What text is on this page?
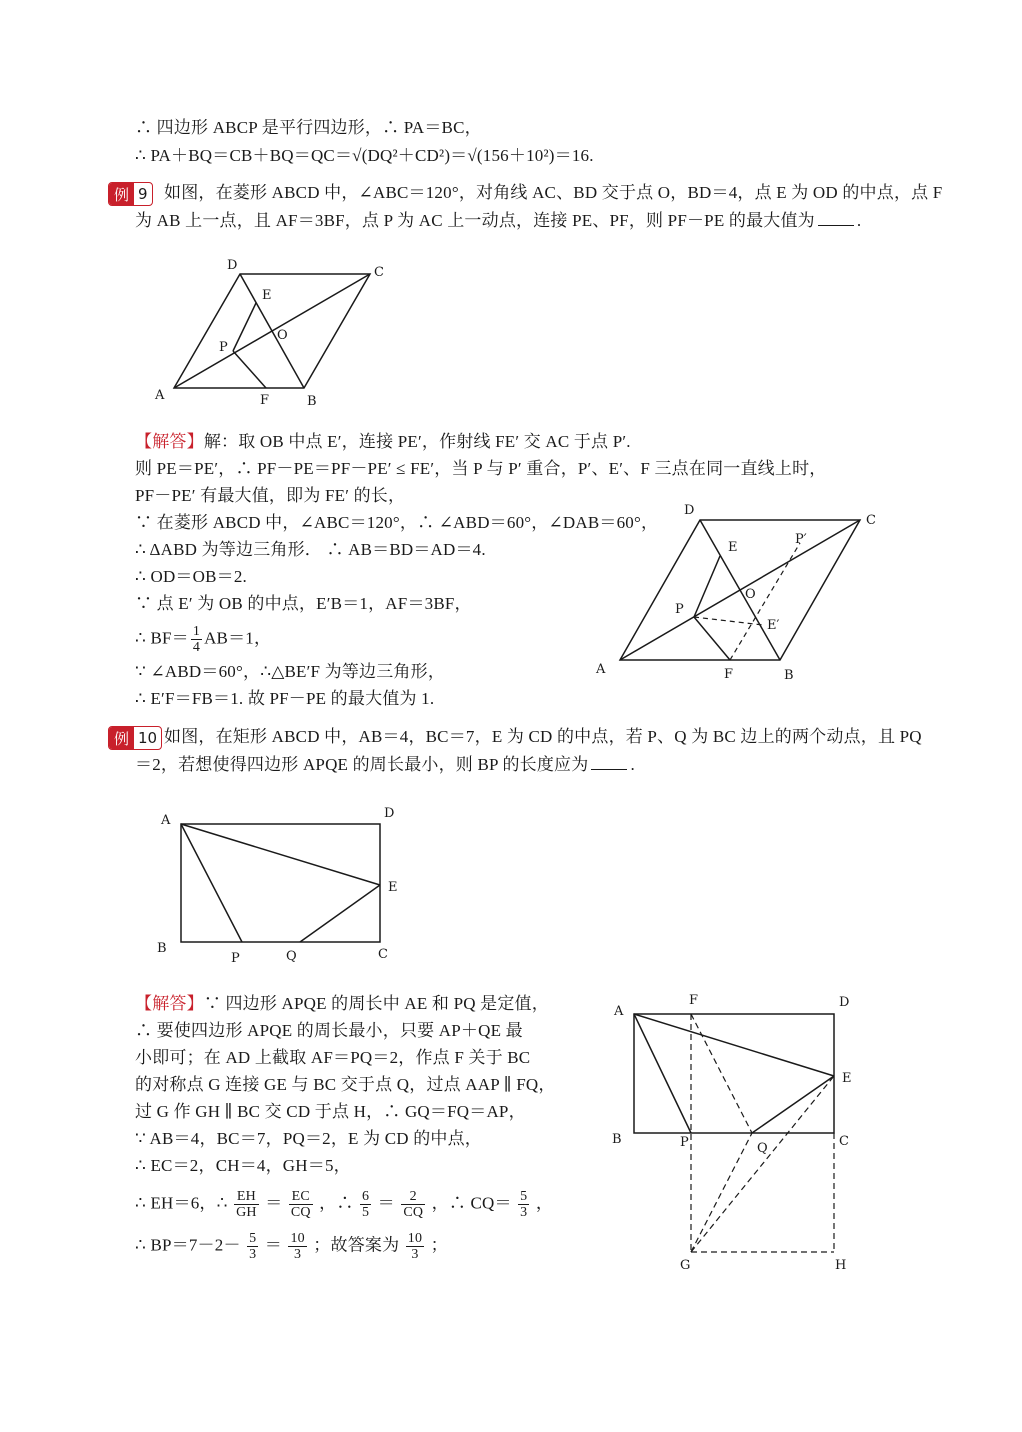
∴ 四边形 ABCP 是平行四边形，∴ PA＝BC，
∴ PA＋BQ＝CB＋BQ＝QC＝√(DQ²＋CD²)＝√(156＋10²)＝16.
例 9 如图，在菱形 ABCD 中，∠ABC＝120°，对角线 AC、BD 交于点 O，BD＝4，点 E 为 OD 的中点，点 F
为 AB 上一点，且 AF＝3BF，点 P 为 AC 上一动点，连接 PE、PF，则 PF－PE 的最大值为 .
D	C
E
O
P
A	F	B
【解答】解：取 OB 中点 E′，连接 PE′，作射线 FE′ 交 AC 于点 P′.
则 PE＝PE′，∴ PF－PE＝PF－PE′ ≤ FE′，当 P 与 P′ 重合，P′、E′、F 三点在同一直线上时，
PF－PE′ 有最大值，即为 FE′ 的长，
∵ 在菱形 ABCD 中，∠ABC＝120°，∴ ∠ABD＝60°，∠DAB＝60°，
∴ ΔABD 为等边三角形． ∴ AB＝BD＝AD＝4.
∴ OD＝OB＝2.
∵ 点 E′ 为 OB 的中点，E′B＝1，AF＝3BF，
∴ $BF= \frac{1}{4} AB=1$，
∵ ∠ABD＝60°，∴△BE′F 为等边三角形，
∴ E′F＝FB＝1. 故 PF－PE 的最大值为 1.
D
C
E
P′
O
P
E′
A	F	B
例 10 如图，在矩形 ABCD 中，AB＝4，BC＝7，E 为 CD 的中点，若 P、Q 为 BC 边上的两个动点，且 PQ
＝2，若想使得四边形 APQE 的周长最小，则 BP 的长度应为 .
A	D
E
B
P	Q	C
【解答】∵ 四边形 APQE 的周长中 AE 和 PQ 是定值，
∴ 要使四边形 APQE 的周长最小，只要 AP＋QE 最
小即可；在 AD 上截取 AF＝PQ＝2，作点 F 关于 BC
的对称点 G 连接 GE 与 BC 交于点 Q，过点 AAP ∥ FQ，
过 G 作 GH ∥ BC 交 CD 于点 H，∴ GQ＝FQ＝AP，
∵ AB＝4，BC＝7，PQ＝2，E 为 CD 的中点，
∴ EC＝2，CH＝4，GH＝5，
∴ EH＝6，∴ $\frac{EH}{GH} = \frac{EC}{CQ}$ ，∴ $\frac{6}{5} = \frac{2}{CQ}$ ，∴ $CQ= \frac{5}{3}$ ，
∴ $BP=7-2- \frac{5}{3} = \frac{10}{3}$ ；故答案为 $\frac{10}{3}$ ；
A
F	D
E
B	P	Q	C
G	H
